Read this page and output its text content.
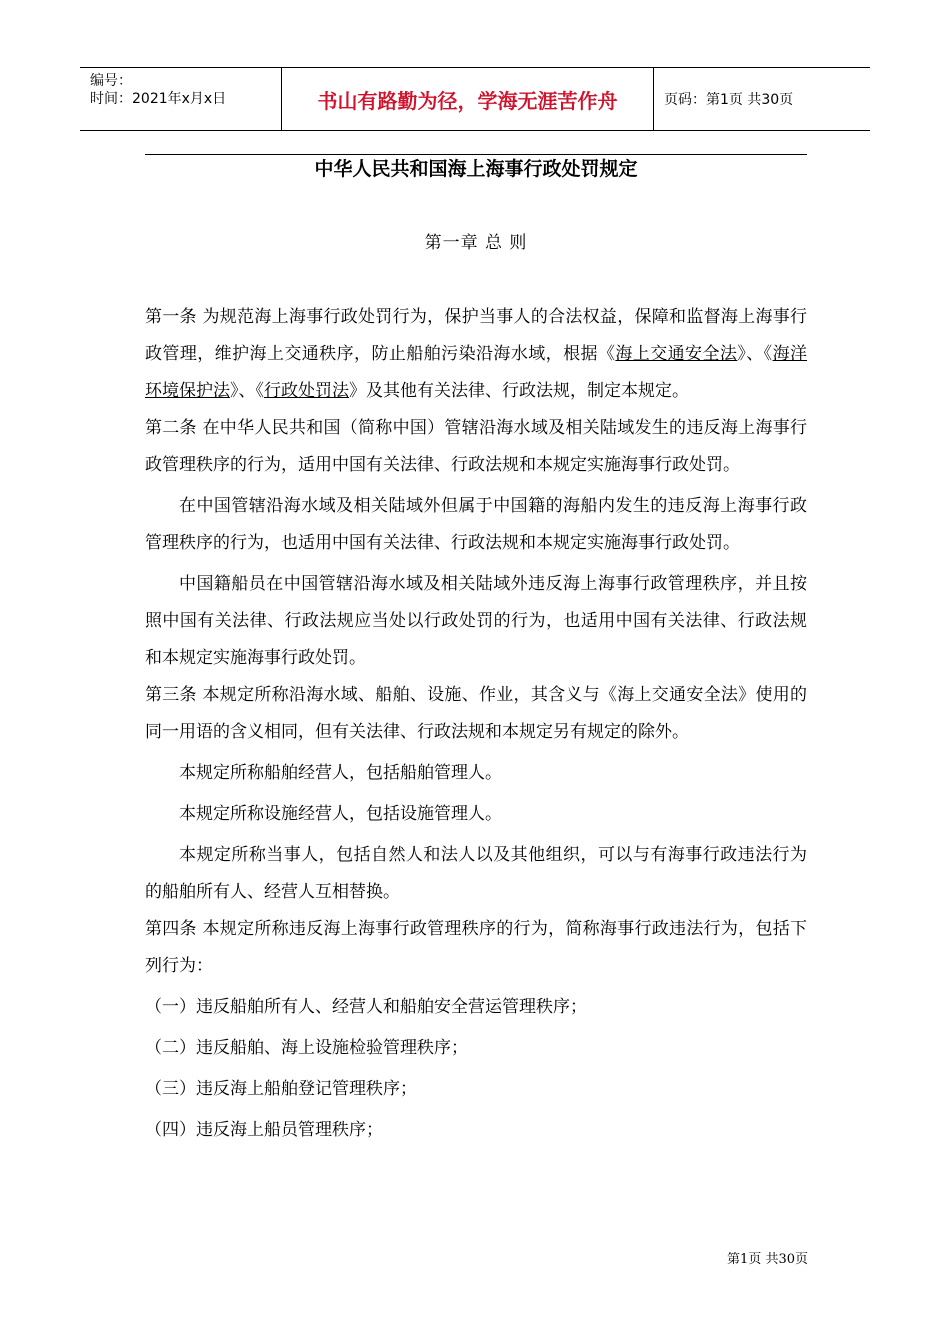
编号：
时间：2021年x月x日	书山有路勤为径，学海无涯苦作舟	页码：第1页 共30页
中华人民共和国海上海事行政处罚规定
第一章 总 则

第一条 为规范海上海事行政处罚行为，保护当事人的合法权益，保障和监督海上海事行政管理，维护海上交通秩序，防止船舶污染沿海水域，根据《海上交通安全法》、《海洋环境保护法》、《行政处罚法》及其他有关法律、行政法规，制定本规定。

第二条 在中华人民共和国（简称中国）管辖沿海水域及相关陆域发生的违反海上海事行政管理秩序的行为，适用中国有关法律、行政法规和本规定实施海事行政处罚。

在中国管辖沿海水域及相关陆域外但属于中国籍的海船内发生的违反海上海事行政管理秩序的行为，也适用中国有关法律、行政法规和本规定实施海事行政处罚。

中国籍船员在中国管辖沿海水域及相关陆域外违反海上海事行政管理秩序，并且按照中国有关法律、行政法规应当处以行政处罚的行为，也适用中国有关法律、行政法规和本规定实施海事行政处罚。

第三条 本规定所称沿海水域、船舶、设施、作业，其含义与《海上交通安全法》使用的同一用语的含义相同，但有关法律、行政法规和本规定另有规定的除外。

本规定所称船舶经营人，包括船舶管理人。

本规定所称设施经营人，包括设施管理人。

本规定所称当事人，包括自然人和法人以及其他组织，可以与有海事行政违法行为的船舶所有人、经营人互相替换。

第四条 本规定所称违反海上海事行政管理秩序的行为，简称海事行政违法行为，包括下列行为：

（一）违反船舶所有人、经营人和船舶安全营运管理秩序；

（二）违反船舶、海上设施检验管理秩序；

（三）违反海上船舶登记管理秩序；

（四）违反海上船员管理秩序；

第1页 共30页
